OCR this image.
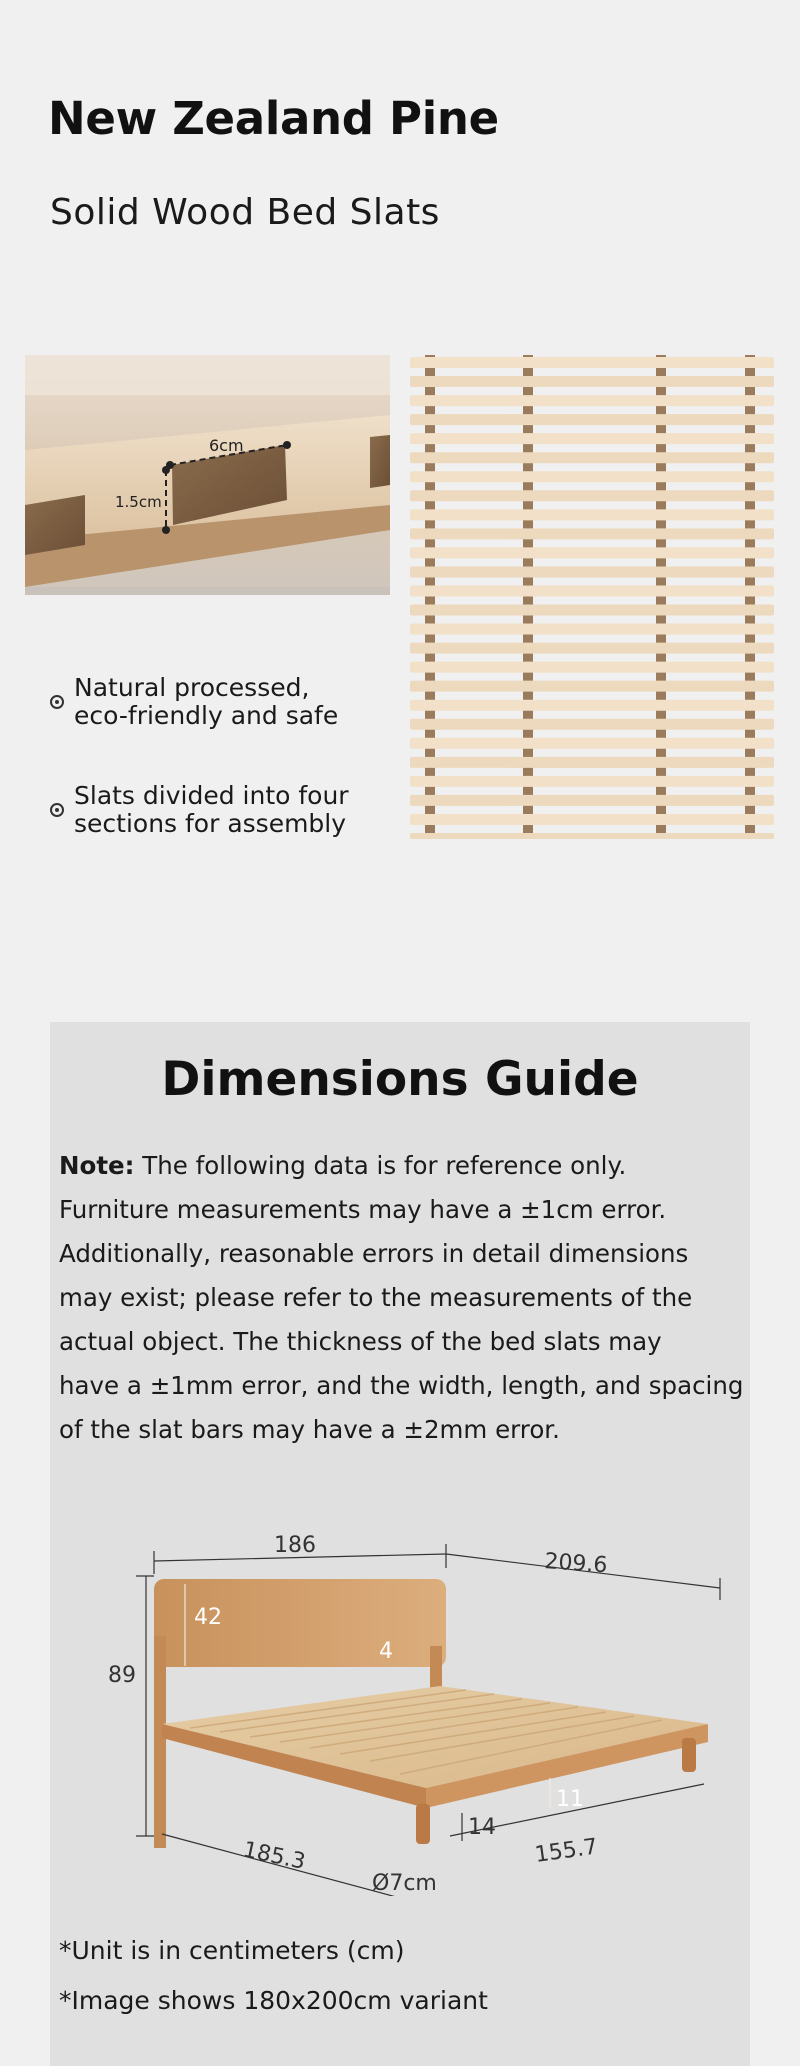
New Zealand Pine
Solid Wood Bed Slats
6cm
1.5cm
Natural processed,
eco-friendly and safe
Slats divided into four
sections for assembly
Dimensions Guide

Note: The following data is for reference only.
Furniture measurements may have a ±1cm error.
Additionally, reasonable errors in detail dimensions
may exist; please refer to the measurements of the
actual object. The thickness of the bed slats may
have a ±1mm error, and the width, length, and spacing
of the slat bars may have a ±2mm error.

186
209.6
89
42
4
185.3
14
155.7
11
Ø7cm

*Unit is in centimeters (cm)

*Image shows 180x200cm variant
